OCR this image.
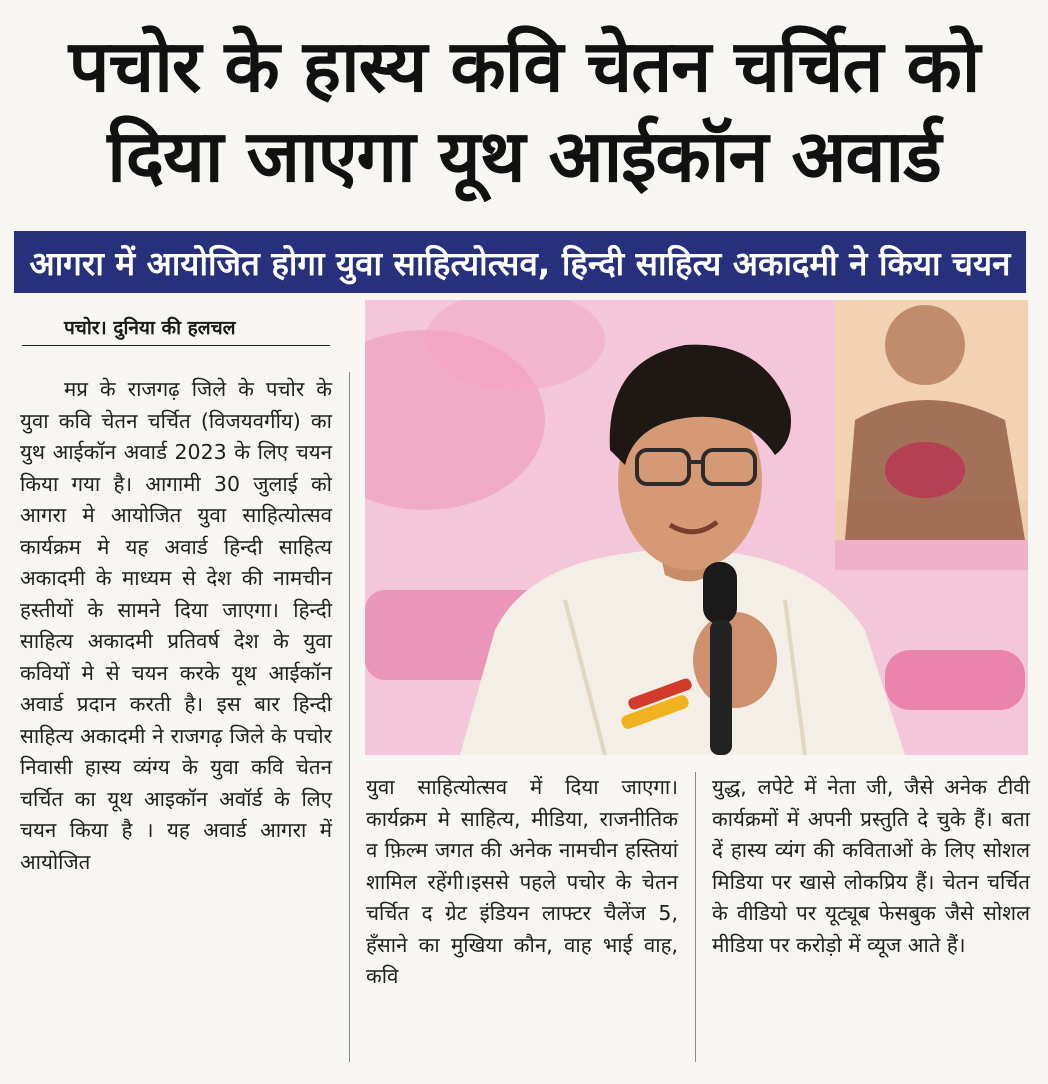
पचोर के हास्य कवि चेतन चर्चित को
दिया जाएगा यूथ आईकॉन अवार्ड
आगरा में आयोजित होगा युवा साहित्योत्सव, हिन्दी साहित्य अकादमी ने किया चयन
पचोर। दुनिया की हलचल

मप्र के राजगढ़ जिले के पचोर के युवा कवि चेतन चर्चित (विजयवर्गीय) का युथ आईकॉन अवार्ड 2023 के लिए चयन किया गया है। आगामी 30 जुलाई को आगरा मे आयोजित युवा साहित्योत्सव कार्यक्रम मे यह अवार्ड हिन्दी साहित्य अकादमी के माध्यम से देश की नामचीन हस्तीयों के सामने दिया जाएगा। हिन्दी साहित्य अकादमी प्रतिवर्ष देश के युवा कवियों मे से चयन करके यूथ आईकॉन अवार्ड प्रदान करती है। इस बार हिन्दी साहित्य अकादमी ने राजगढ़ जिले के पचोर निवासी हास्य व्यंग्य के युवा कवि चेतन चर्चित का यूथ आइकॉन अवॉर्ड के लिए चयन किया है । यह अवार्ड आगरा में आयोजित

युवा साहित्योत्सव में दिया जाएगा। कार्यक्रम मे साहित्य, मीडिया, राजनीतिक व फ़िल्म जगत की अनेक नामचीन हस्तियां शामिल रहेंगी।इससे पहले पचोर के चेतन चर्चित द ग्रेट इंडियन लाफ्टर चैलेंज 5, हँसाने का मुखिया कौन, वाह भाई वाह, कवि

युद्ध, लपेटे में नेता जी, जैसे अनेक टीवी कार्यक्रमों में अपनी प्रस्तुति दे चुके हैं। बता दें हास्य व्यंग की कविताओं के लिए सोशल मिडिया पर खासे लोकप्रिय हैं। चेतन चर्चित के वीडियो पर यूट्यूब फेसबुक जैसे सोशल मीडिया पर करोड़ो में व्यूज आते हैं।
